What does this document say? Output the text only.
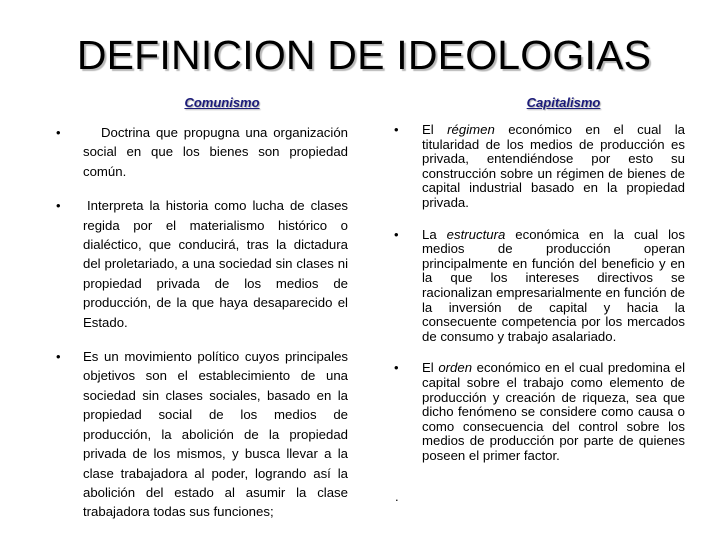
DEFINICION DE IDEOLOGIAS
Comunismo
•	Doctrina que propugna una organización social en que los bienes son propiedad común.
• Interpreta la historia como lucha de clases regida por el materialismo histórico o dialéctico, que conducirá, tras la dictadura del proletariado, a una sociedad sin clases ni propiedad privada de los medios de producción, de la que haya desaparecido el Estado.
• Es un movimiento político cuyos principales objetivos son el establecimiento de una sociedad sin clases sociales, basado en la propiedad social de los medios de producción, la abolición de la propiedad privada de los mismos, y busca llevar a la clase trabajadora al poder, logrando así la abolición del estado al asumir la clase trabajadora todas sus funciones;
Capitalismo
• El régimen económico en el cual la titularidad de los medios de producción es privada, entendiéndose por esto su construcción sobre un régimen de bienes de capital industrial basado en la propiedad privada.
• La estructura económica en la cual los medios de producción operan principalmente en función del beneficio y en la que los intereses directivos se racionalizan empresarialmente en función de la inversión de capital y hacia la consecuente competencia por los mercados de consumo y trabajo asalariado.
• El orden económico en el cual predomina el capital sobre el trabajo como elemento de producción y creación de riqueza, sea que dicho fenómeno se considere como causa o como consecuencia del control sobre los medios de producción por parte de quienes poseen el primer factor.
.
